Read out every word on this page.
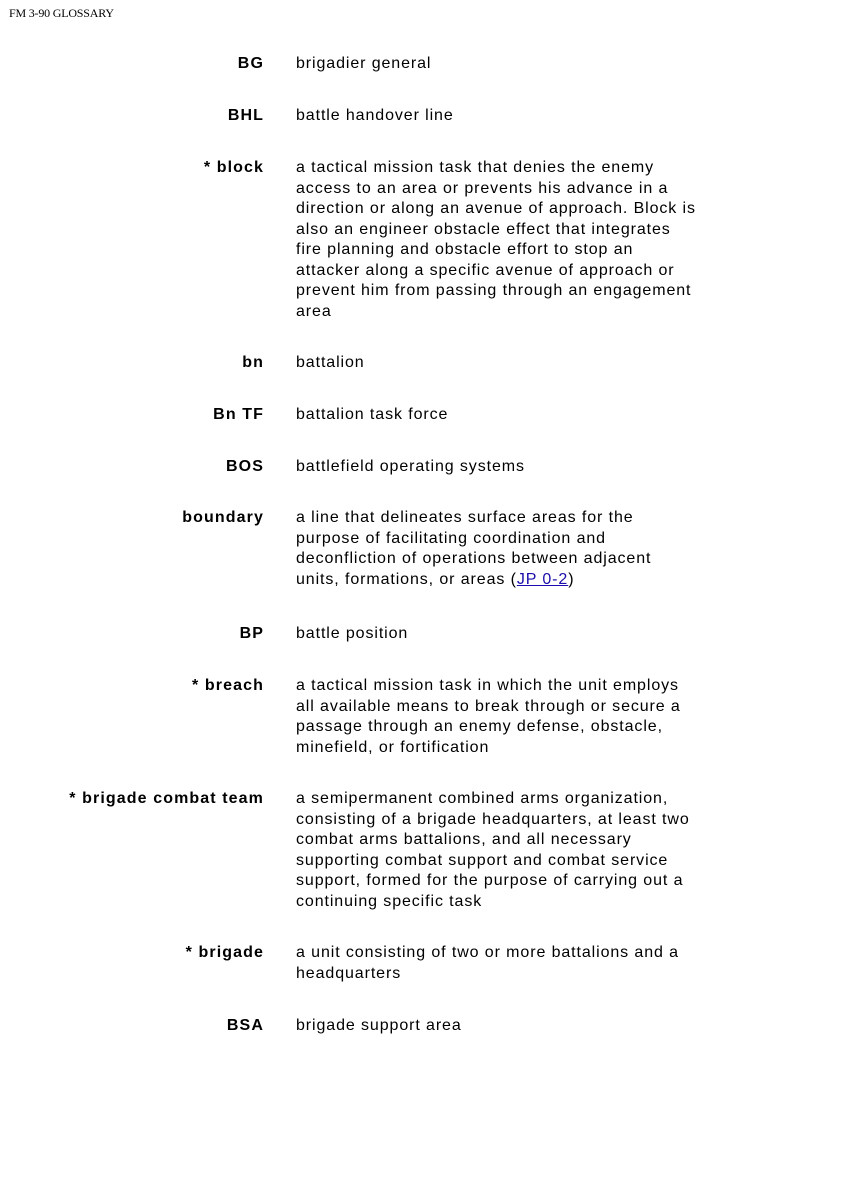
FM 3-90 GLOSSARY
BG brigadier general
BHL battle handover line
* block a tactical mission task that denies the enemy
access to an area or prevents his advance in a
direction or along an avenue of approach. Block is
also an engineer obstacle effect that integrates
fire planning and obstacle effort to stop an
attacker along a specific avenue of approach or
prevent him from passing through an engagement
area
bn battalion
Bn TF battalion task force
BOS battlefield operating systems
boundary a line that delineates surface areas for the
purpose of facilitating coordination and
deconfliction of operations between adjacent
units, formations, or areas (JP 0-2)
BP battle position
* breach a tactical mission task in which the unit employs
all available means to break through or secure a
passage through an enemy defense, obstacle,
minefield, or fortification
* brigade combat team a semipermanent combined arms organization,
consisting of a brigade headquarters, at least two
combat arms battalions, and all necessary
supporting combat support and combat service
support, formed for the purpose of carrying out a
continuing specific task
* brigade a unit consisting of two or more battalions and a
headquarters
BSA brigade support area
